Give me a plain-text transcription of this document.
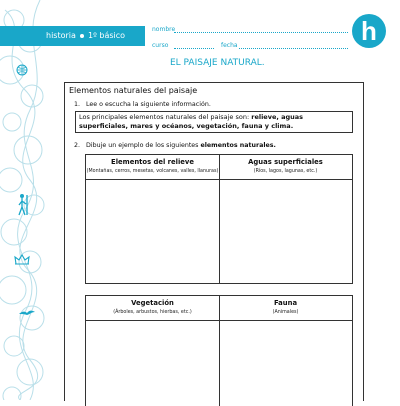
historia 1º básico
nombre
curso	fecha	h
EL PAISAJE NATURAL.
Elementos naturales del paisaje
1. Lee o escucha la siguiente información.
Los principales elementos naturales del paisaje son: relieve, aguas superficiales, mares y océanos, vegetación, fauna y clima.
2. Dibuje un ejemplo de los siguientes elementos naturales.
Elementos del relieve
(Montañas, cerros, mesetas, volcanes, valles, llanuras)
Aguas superficiales
(Ríos, lagos, lagunas, etc.)
Vegetación
(Árboles, arbustos, hierbas, etc.)
Fauna
(Animales)
